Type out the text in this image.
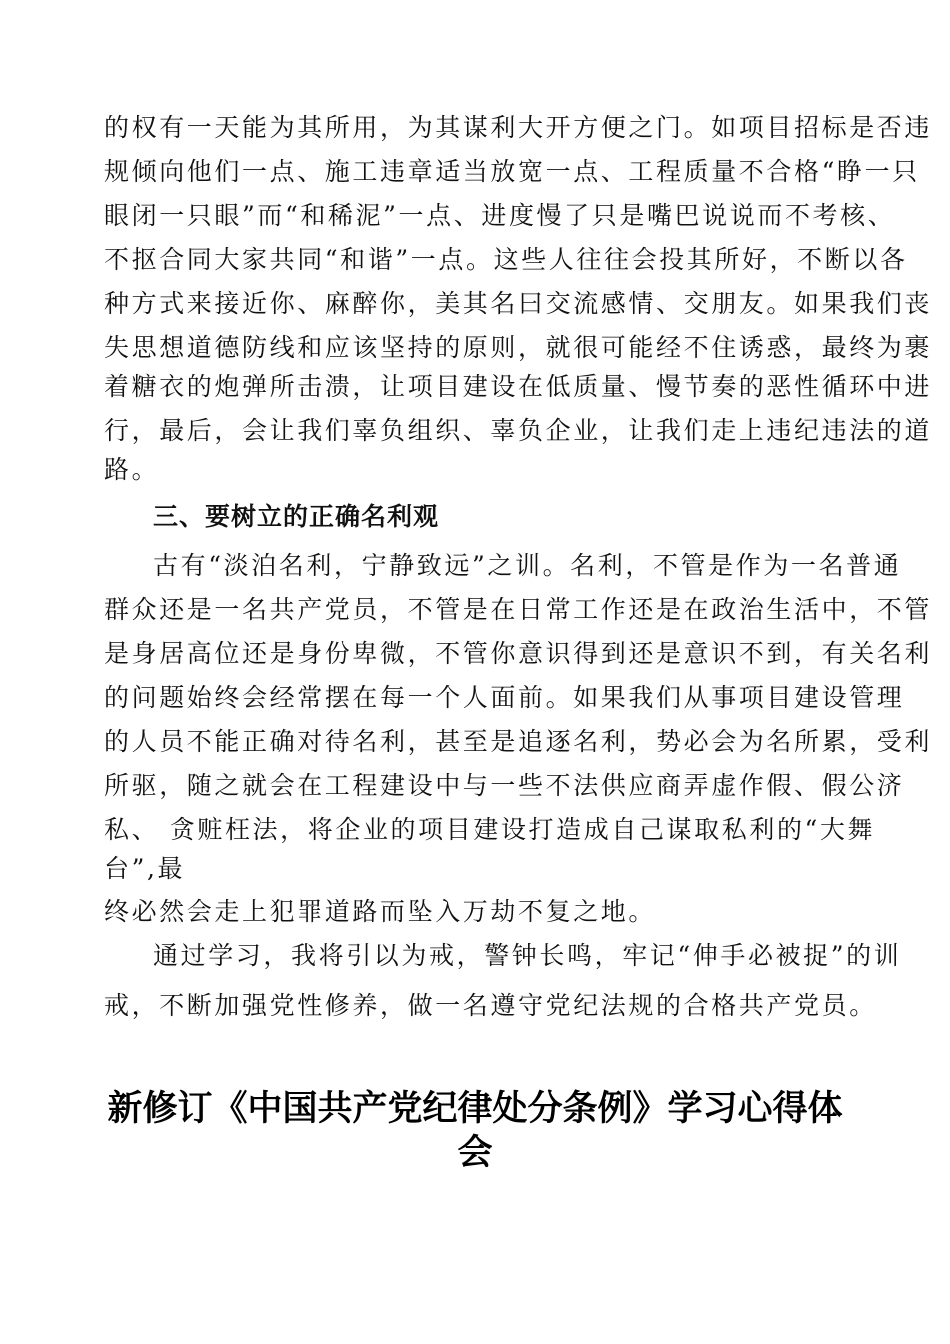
的权有一天能为其所用，为其谋利大开方便之门。如项目招标是否违
规倾向他们一点、施工违章适当放宽一点、工程质量不合格“睁一只
眼闭一只眼”而“和稀泥”一点、进度慢了只是嘴巴说说而不考核、
不抠合同大家共同“和谐”一点。这些人往往会投其所好，不断以各
种方式来接近你、麻醉你，美其名曰交流感情、交朋友。如果我们丧
失思想道德防线和应该坚持的原则，就很可能经不住诱惑，最终为裹
着糖衣的炮弹所击溃，让项目建设在低质量、慢节奏的恶性循环中进
行，最后，会让我们辜负组织、辜负企业，让我们走上违纪违法的道
路。
三、要树立的正确名利观
古有“淡泊名利，宁静致远”之训。名利，不管是作为一名普通
群众还是一名共产党员，不管是在日常工作还是在政治生活中，不管
是身居高位还是身份卑微，不管你意识得到还是意识不到，有关名利
的问题始终会经常摆在每一个人面前。如果我们从事项目建设管理
的人员不能正确对待名利，甚至是追逐名利，势必会为名所累，受利
所驱，随之就会在工程建设中与一些不法供应商弄虚作假、假公济
私、 贪赃枉法，将企业的项目建设打造成自己谋取私利的“大舞
台”,最
终必然会走上犯罪道路而坠入万劫不复之地。
通过学习，我将引以为戒，警钟长鸣，牢记“伸手必被捉”的训
戒，不断加强党性修养，做一名遵守党纪法规的合格共产党员。
新修订《中国共产党纪律处分条例》学习心得体
会
